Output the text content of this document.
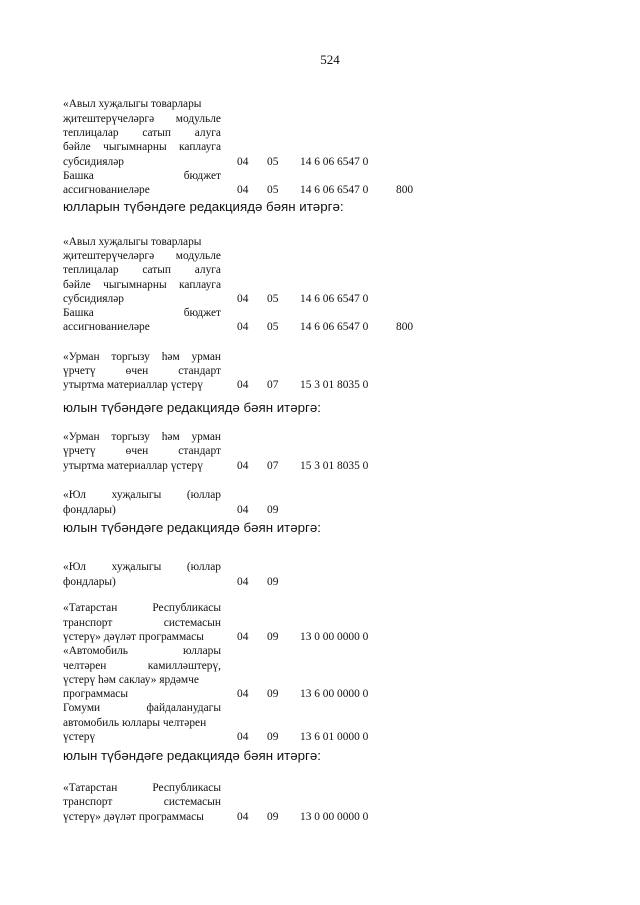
524
«Авыл хуҗалыгы товарлары
җитештерүчеләргә модульле
теплицалар сатып алуга
бәйле чыгымнарны каплауга
субсидияләр	04 05 14 6 06 6547 0
Башка бюджет
ассигнованиеләре	04 05 14 6 06 6547 0 800
«Авыл хуҗалыгы товарлары
җитештерүчеләргә модульле
теплицалар сатып алуга
бәйле чыгымнарны каплауга
субсидияләр	04 05 14 6 06 6547 0
Башка бюджет
ассигнованиеләре	04 05 14 6 06 6547 0 800
«Урман торгызу һәм урман
үрчетү өчен стандарт
утыртма материаллар үстерү	04 07 15 3 01 8035 0
«Урман торгызу һәм урман
үрчетү өчен стандарт
утыртма материаллар үстерү	04 07 15 3 01 8035 0
«Юл хуҗалыгы (юллар
фондлары)	04 09
«Юл хуҗалыгы (юллар
фондлары)	04 09
«Татарстан Республикасы
транспорт системасын
үстерү» дәүләт программасы	04 09 13 0 00 0000 0
«Автомобиль юллары
челтәрен камилләштерү,
үстерү һәм саклау» ярдәмче
программасы	04 09 13 6 00 0000 0
Гомуми файдаланудагы
автомобиль юллары челтәрен
үстерү	04 09 13 6 01 0000 0
«Татарстан Республикасы
транспорт системасын
үстерү» дәүләт программасы	04 09 13 0 00 0000 0
юлларын түбәндәге редакциядә бәян итәргә:
юлын түбәндәге редакциядә бәян итәргә:
юлын түбәндәге редакциядә бәян итәргә:
юлын түбәндәге редакциядә бәян итәргә:
